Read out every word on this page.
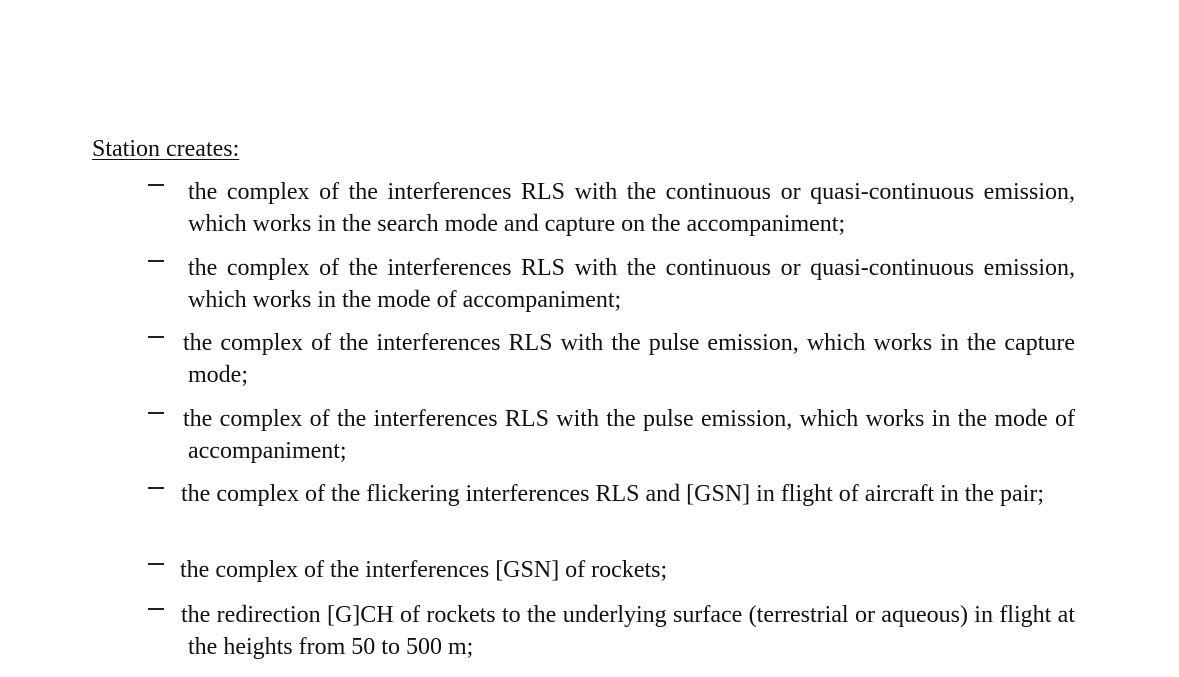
Station creates:

the complex of the interferences RLS with the continuous or quasi-continuous emission, which works in the search mode and capture on the accompaniment;

the complex of the interferences RLS with the continuous or quasi-continuous emission, which works in the mode of accompaniment;

the complex of the interferences RLS with the pulse emission, which works in the capture mode;

the complex of the interferences RLS with the pulse emission, which works in the mode of accompaniment;

the complex of the flickering interferences RLS and [GSN] in flight of aircraft in the pair;

the complex of the interferences [GSN] of rockets;

the redirection [G]CH of rockets to the underlying surface (terrestrial or aqueous) in flight at the heights from 50 to 500 m;
